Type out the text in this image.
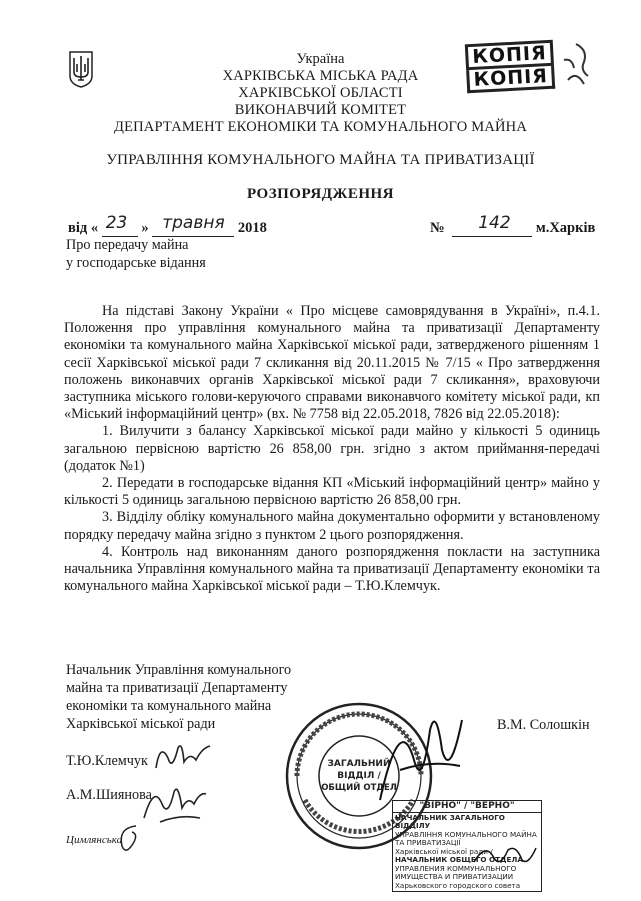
Україна
ХАРКІВСЬКА МІСЬКА РАДА
ХАРКІВСЬКОЇ ОБЛАСТІ
ВИКОНАВЧИЙ КОМІТЕТ
ДЕПАРТАМЕНТ ЕКОНОМІКИ ТА КОМУНАЛЬНОГО МАЙНА
УПРАВЛІННЯ КОМУНАЛЬНОГО МАЙНА ТА ПРИВАТИЗАЦІЇ
РОЗПОРЯДЖЕННЯ
КОПІЯ
КОПІЯ
від « 23 » травня 2018	№ 142 м.Харків
Про передачу майна
у господарське відання

На підставі Закону України « Про місцеве самоврядування в Україні», п.4.1. Положення про управління комунального майна та приватизації Департаменту економіки та комунального майна Харківської міської ради, затвердженого рішенням 1 сесії Харківської міської ради 7 скликання від 20.11.2015 № 7/15 « Про затвердження положень виконавчих органів Харківської міської ради 7 скликання», враховуючи заступника міського голови-керуючого справами виконавчого комітету міської ради, кп «Міський інформаційний центр» (вх. № 7758 від 22.05.2018, 7826 від 22.05.2018):

1. Вилучити з балансу Харківської міської ради майно у кількості 5 одиниць загальною первісною вартістю 26 858,00 грн. згідно з актом приймання-передачі (додаток №1)

2. Передати в господарське відання КП «Міський інформаційний центр» майно у кількості 5 одиниць загальною первісною вартістю 26 858,00 грн.

3. Відділу обліку комунального майна документально оформити у встановленому порядку передачу майна згідно з пунктом 2 цього розпорядження.

4. Контроль над виконанням даного розпорядження покласти на заступника начальника Управління комунального майна та приватизації Департаменту економіки та комунального майна Харківської міської ради – Т.Ю.Клемчук.

Начальник Управління комунального
майна та приватизації Департаменту
економіки та комунального майна
Харківської міської ради	В.М. Солошкін
Т.Ю.Клемчук
А.М.Шиянова
Цимлянська
ЗАГАЛЬНИЙ
ВІДДІЛ /
ОБЩИЙ ОТДЕЛ
"ВІРНО" / "ВЕРНО"
НАЧАЛЬНИК ЗАГАЛЬНОГО ВІДДІЛУ
УПРАВЛІННЯ КОМУНАЛЬНОГО МАЙНА ТА ПРИВАТИЗАЦІЇ
Харківської міської ради /
НАЧАЛЬНИК ОБЩЕГО ОТДЕЛА
УПРАВЛЕНИЯ КОММУНАЛЬНОГО ИМУЩЕСТВА И ПРИВАТИЗАЦИИ
Харьковского городского совета
